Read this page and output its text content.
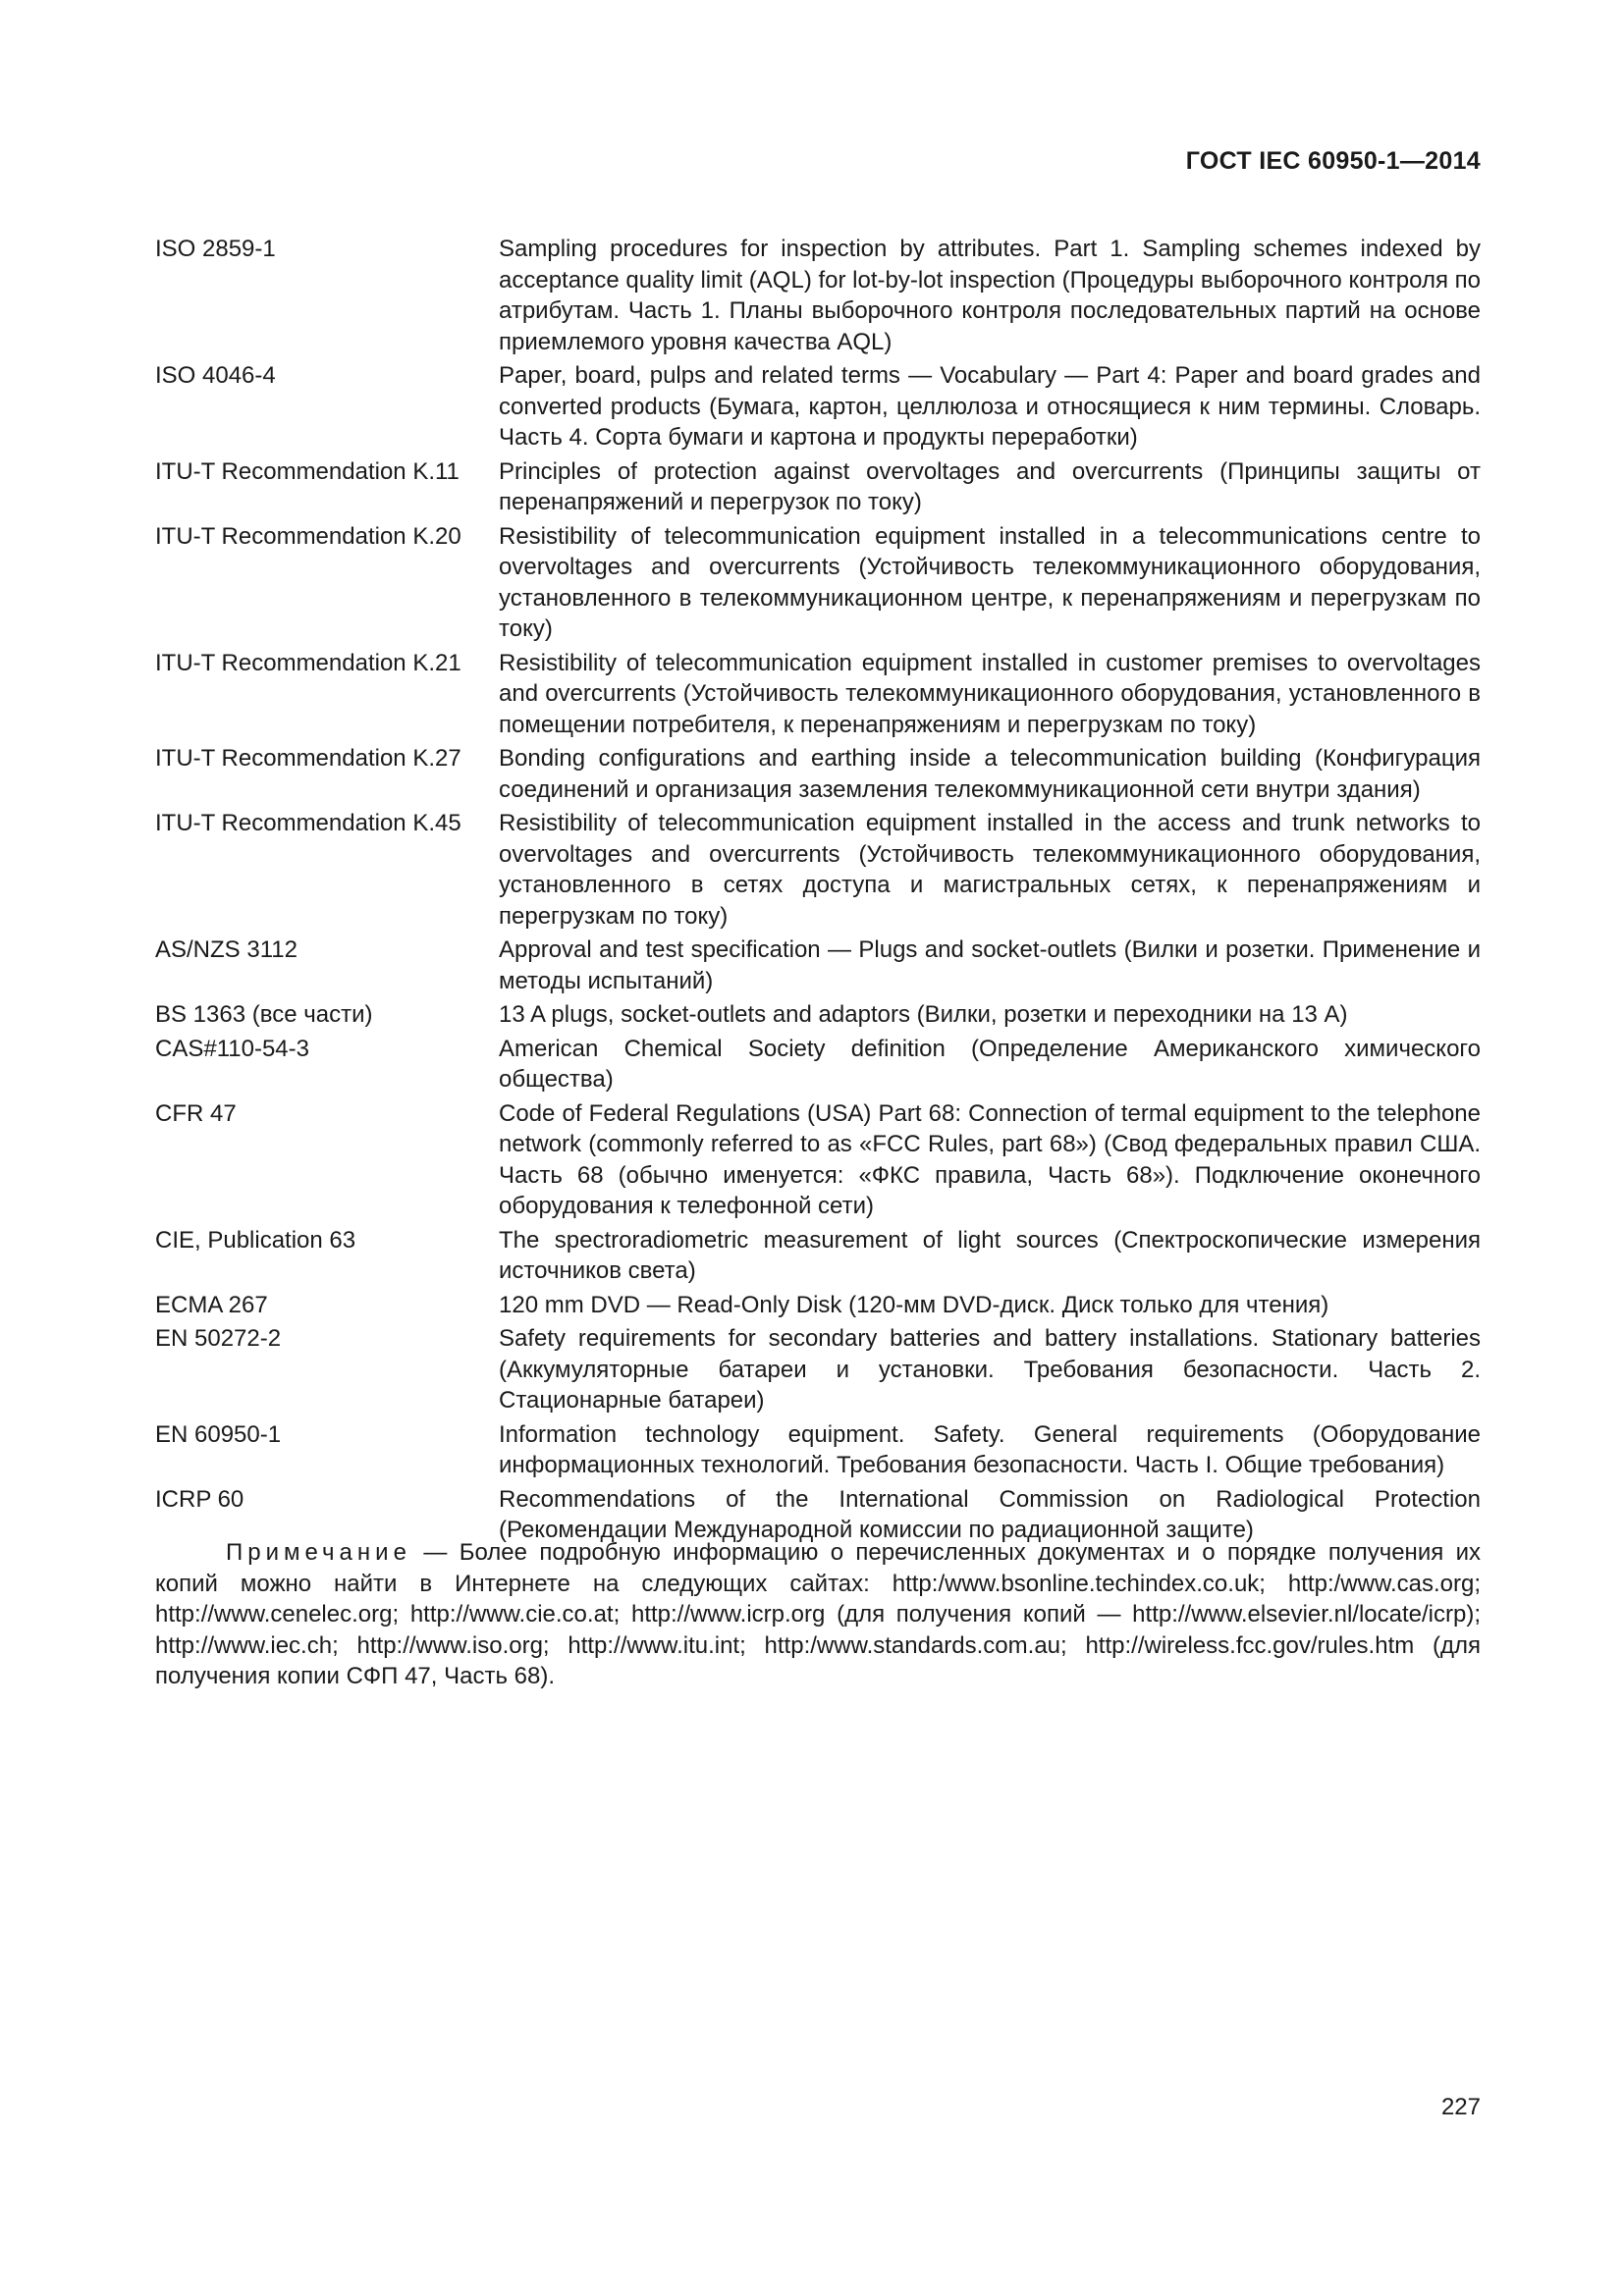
ГОСТ IEC 60950-1—2014
ISO 2859-1	Sampling procedures for inspection by attributes. Part 1. Sampling schemes indexed by acceptance quality limit (AQL) for lot-by-lot inspection (Процедуры выборочного контроля по атрибутам. Часть 1. Планы выборочного контроля последовательных партий на основе приемлемого уровня качества AQL)
ISO 4046-4	Paper, board, pulps and related terms — Vocabulary — Part 4: Paper and board grades and converted products (Бумага, картон, целлюлоза и относящиеся к ним термины. Словарь. Часть 4. Сорта бумаги и картона и продукты переработки)
ITU-T Recommendation K.11	Principles of protection against overvoltages and overcurrents (Принципы защиты от перенапряжений и перегрузок по току)
ITU-T Recommendation K.20	Resistibility of telecommunication equipment installed in a telecommunications centre to overvoltages and overcurrents (Устойчивость телекоммуникационного оборудования, установленного в телекоммуникационном центре, к перенапряжениям и перегрузкам по току)
ITU-T Recommendation K.21	Resistibility of telecommunication equipment installed in customer premises to overvoltages and overcurrents (Устойчивость телекоммуникационного оборудования, установленного в помещении потребителя, к перенапряжениям и перегрузкам по току)
ITU-T Recommendation K.27	Bonding configurations and earthing inside a telecommunication building (Конфигурация соединений и организация заземления телекоммуникационной сети внутри здания)
ITU-T Recommendation K.45	Resistibility of telecommunication equipment installed in the access and trunk networks to overvoltages and overcurrents (Устойчивость телекоммуникационного оборудования, установленного в сетях доступа и магистральных сетях, к перенапряжениям и перегрузкам по току)
AS/NZS 3112	Approval and test specification — Plugs and socket-outlets (Вилки и розетки. Применение и методы испытаний)
BS 1363 (все части)	13 A plugs, socket-outlets and adaptors (Вилки, розетки и переходники на 13 А)
CAS#110-54-3	American Chemical Society definition (Определение Американского химического общества)
CFR 47	Code of Federal Regulations (USA) Part 68: Connection of termal equipment to the telephone network (commonly referred to as «FCC Rules, part 68») (Свод федеральных правил США. Часть 68 (обычно именуется: «ФКС правила, Часть 68»). Подключение оконечного оборудования к телефонной сети)
CIE, Publication 63	The spectroradiometric measurement of light sources (Спектроскопические измерения источников света)
ECMA 267	120 mm DVD — Read-Only Disk (120-мм DVD-диск. Диск только для чтения)
EN 50272-2	Safety requirements for secondary batteries and battery installations. Stationary batteries (Аккумуляторные батареи и установки. Требования безопасности. Часть 2. Стационарные батареи)
EN 60950-1	Information technology equipment. Safety. General requirements (Оборудование информационных технологий. Требования безопасности. Часть I. Общие требования)
ICRP 60	Recommendations of the International Commission on Radiological Protection (Рекомендации Международной комиссии по радиационной защите)
Примечание — Более подробную информацию о перечисленных документах и о порядке получения их копий можно найти в Интернете на следующих сайтах: http:/www.bsonline.techindex.co.uk; http:/www.cas.org; http://www.cenelec.org; http://www.cie.co.at; http://www.icrp.org (для получения копий — http://www.elsevier.nl/locate/icrp); http://www.iec.ch; http://www.iso.org; http://www.itu.int; http:/www.standards.com.au; http://wireless.fcc.gov/rules.htm (для получения копии СФП 47, Часть 68).
227
